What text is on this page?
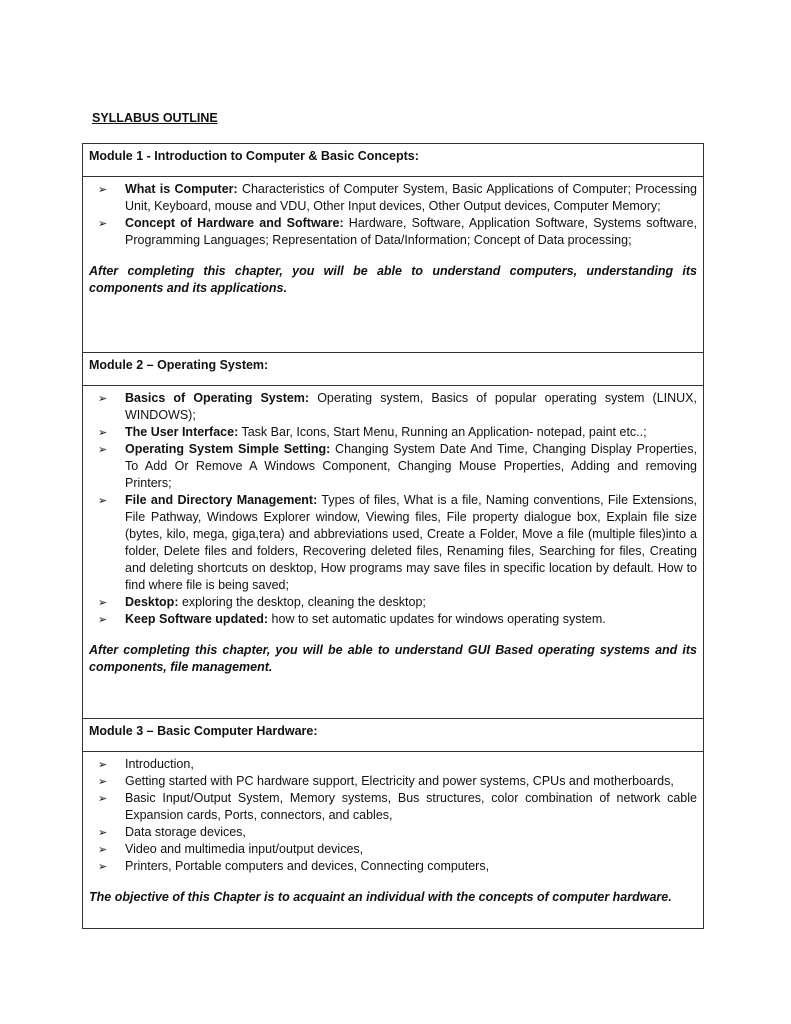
SYLLABUS OUTLINE
Module 1 - Introduction to Computer & Basic Concepts:
➢ What is Computer: Characteristics of Computer System, Basic Applications of Computer; Processing Unit, Keyboard, mouse and VDU, Other Input devices, Other Output devices, Computer Memory;
➢ Concept of Hardware and Software: Hardware, Software, Application Software, Systems software, Programming Languages; Representation of Data/Information; Concept of Data processing;
After completing this chapter, you will be able to understand computers, understanding its components and its applications.
Module 2 – Operating System:
➢ Basics of Operating System: Operating system, Basics of popular operating system (LINUX, WINDOWS);
➢ The User Interface: Task Bar, Icons, Start Menu, Running an Application- notepad, paint etc..;
➢ Operating System Simple Setting: Changing System Date And Time, Changing Display Properties, To Add Or Remove A Windows Component, Changing Mouse Properties, Adding and removing Printers;
➢ File and Directory Management: Types of files, What is a file, Naming conventions, File Extensions, File Pathway, Windows Explorer window, Viewing files, File property dialogue box, Explain file size (bytes, kilo, mega, giga,tera) and abbreviations used, Create a Folder, Move a file (multiple files)into a folder, Delete files and folders, Recovering deleted files, Renaming files, Searching for files, Creating and deleting shortcuts on desktop, How programs may save files in specific location by default. How to find where file is being saved;
➢ Desktop: exploring the desktop, cleaning the desktop;
➢ Keep Software updated: how to set automatic updates for windows operating system.
After completing this chapter, you will be able to understand GUI Based operating systems and its components, file management.
Module 3 – Basic Computer Hardware:
➢ Introduction,
➢ Getting started with PC hardware support, Electricity and power systems, CPUs and motherboards,
➢ Basic Input/Output System, Memory systems, Bus structures, color combination of network cable Expansion cards, Ports, connectors, and cables,
➢ Data storage devices,
➢ Video and multimedia input/output devices,
➢ Printers, Portable computers and devices, Connecting computers,
The objective of this Chapter is to acquaint an individual with the concepts of computer hardware.
